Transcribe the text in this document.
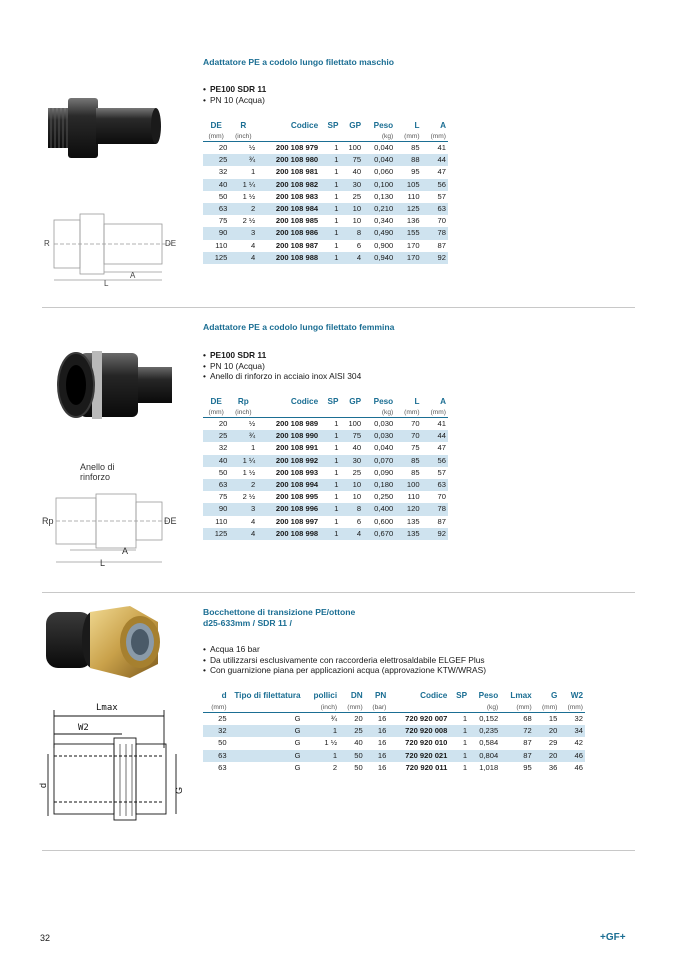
Adattatore PE a codolo lungo filettato maschio
• PE100 SDR 11
• PN 10 (Acqua)
R	DE
L
A
DE	R	Codice	SP	GP	Peso	L	A
(mm)	(inch)				(kg)	(mm)	(mm)
20	½	200 108 979	1	100	0,040	85	41
25	¾	200 108 980	1	75	0,040	88	44
32	1	200 108 981	1	40	0,060	95	47
40	1 ¼	200 108 982	1	30	0,100	105	56
50	1 ½	200 108 983	1	25	0,130	110	57
63	2	200 108 984	1	10	0,210	125	63
75	2 ½	200 108 985	1	10	0,340	136	70
90	3	200 108 986	1	8	0,490	155	78
110	4	200 108 987	1	6	0,900	170	87
125	4	200 108 988	1	4	0,940	170	92
Adattatore PE a codolo lungo filettato femmina
• PE100 SDR 11
• PN 10 (Acqua)
• Anello di rinforzo in acciaio inox AISI 304
Anello di
rinforzo
Rp	DE
A
L
DE	Rp	Codice	SP	GP	Peso	L	A
(mm)	(inch)				(kg)	(mm)	(mm)
20	½	200 108 989	1	100	0,030	70	41
25	¾	200 108 990	1	75	0,030	70	44
32	1	200 108 991	1	40	0,040	75	47
40	1 ¼	200 108 992	1	30	0,070	85	56
50	1 ½	200 108 993	1	25	0,090	85	57
63	2	200 108 994	1	10	0,180	100	63
75	2 ½	200 108 995	1	10	0,250	110	70
90	3	200 108 996	1	8	0,400	120	78
110	4	200 108 997	1	6	0,600	135	87
125	4	200 108 998	1	4	0,670	135	92
Bocchettone di transizione PE/ottone
d25-633mm / SDR 11 /
• Acqua 16 bar
• Da utilizzarsi esclusivamente con raccorderia elettrosaldabile ELGEF Plus
• Con guarnizione piana per applicazioni acqua (approvazione KTW/WRAS)
Lmax
W2
d
G
d	Tipo di filettatura	pollici	DN	PN	Codice	SP	Peso	Lmax	G	W2
(mm)		(inch)	(mm)	(bar)			(kg)	(mm)	(mm)	(mm)
25	G	¾	20	16	720 920 007	1	0,152	68	15	32
32	G	1	25	16	720 920 008	1	0,235	72	20	34
50	G	1 ½	40	16	720 920 010	1	0,584	87	29	42
63	G	1	50	16	720 920 021	1	0,804	87	20	46
63	G	2	50	16	720 920 011	1	1,018	95	36	46
32	+GF+
